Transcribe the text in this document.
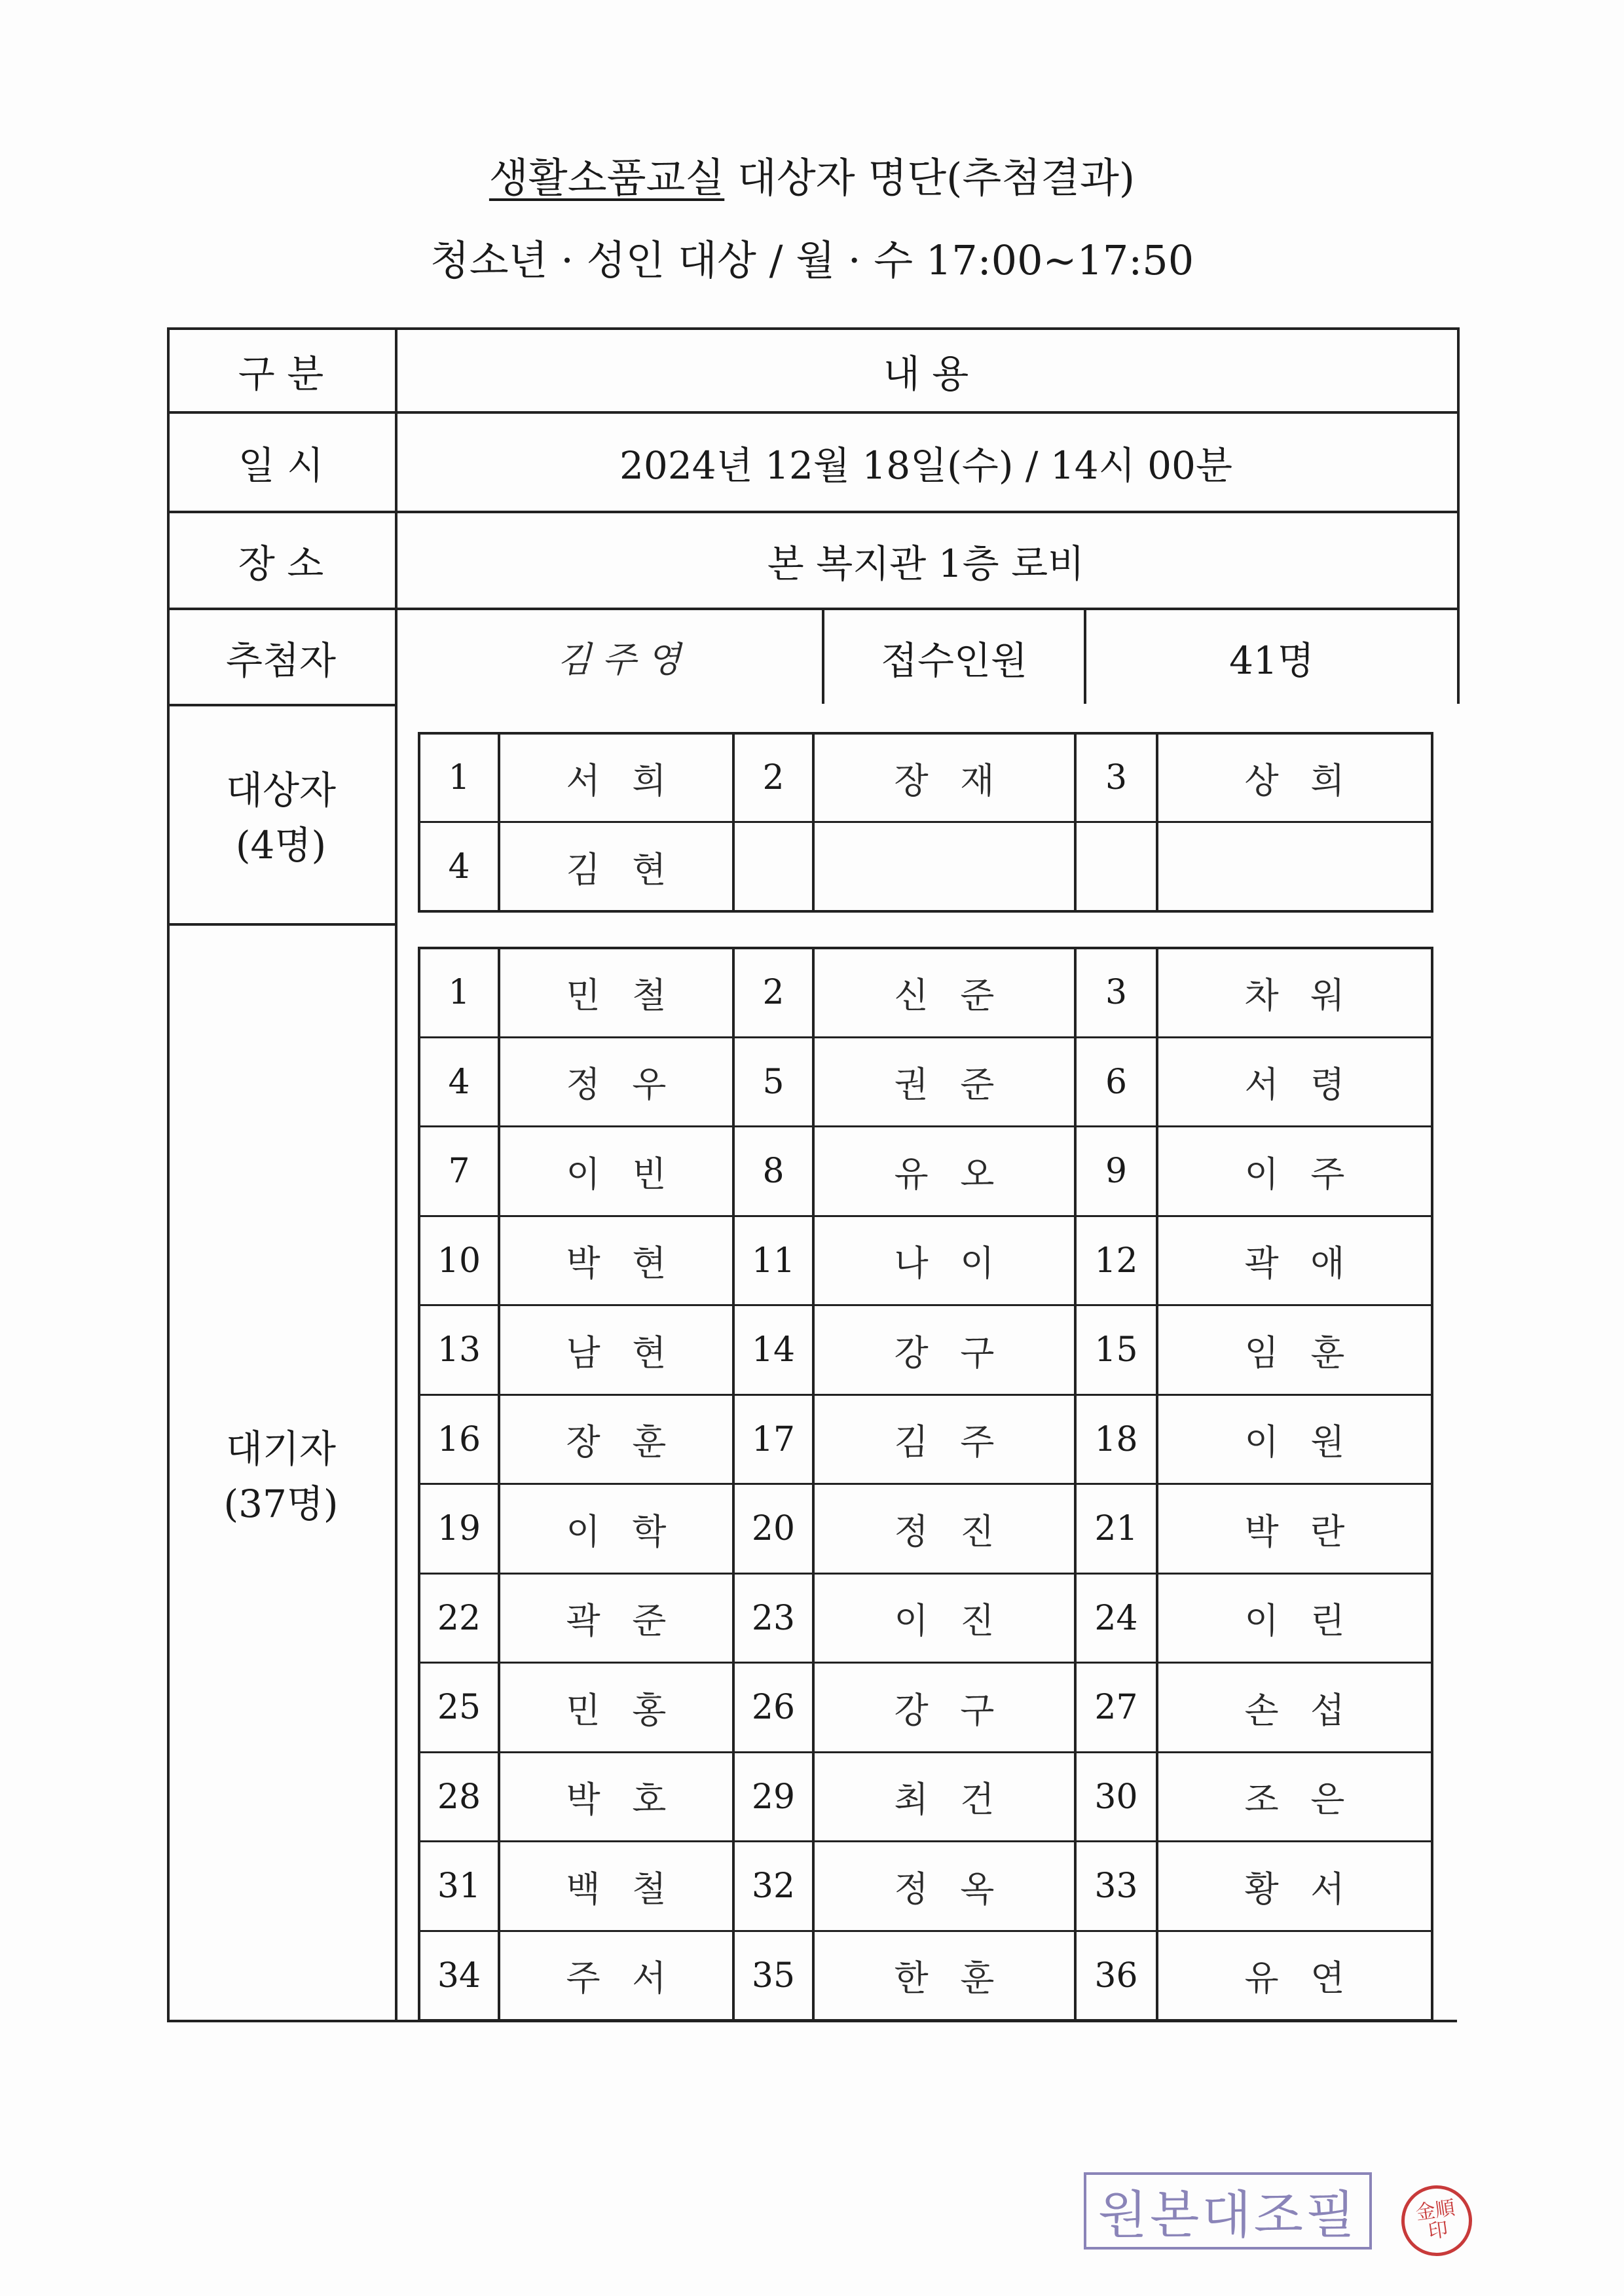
생활소품교실 대상자 명단(추첨결과)
청소년 · 성인 대상 / 월 · 수 17:00~17:50
구 분	내 용
일 시	2024년 12월 18일(수) / 14시 00분
장 소	본 복지관 1층 로비
추첨자	김주영	접수인원	41명
대상자
(4명)
대기자
(37명)
1	서희	2	장재	3	상희
4	김현
1	민철	2	신준	3	차워
4	정우	5	권준	6	서령
7	이빈	8	유오	9	이주
10	박현	11	나이	12	곽애
13	남현	14	강구	15	임훈
16	장훈	17	김주	18	이원
19	이학	20	정진	21	박란
22	곽준	23	이진	24	이린
25	민홍	26	강구	27	손섭
28	박호	29	최건	30	조은
31	백철	32	정옥	33	황서
34	주서	35	한훈	36	유연
원본대조필	金順 印
